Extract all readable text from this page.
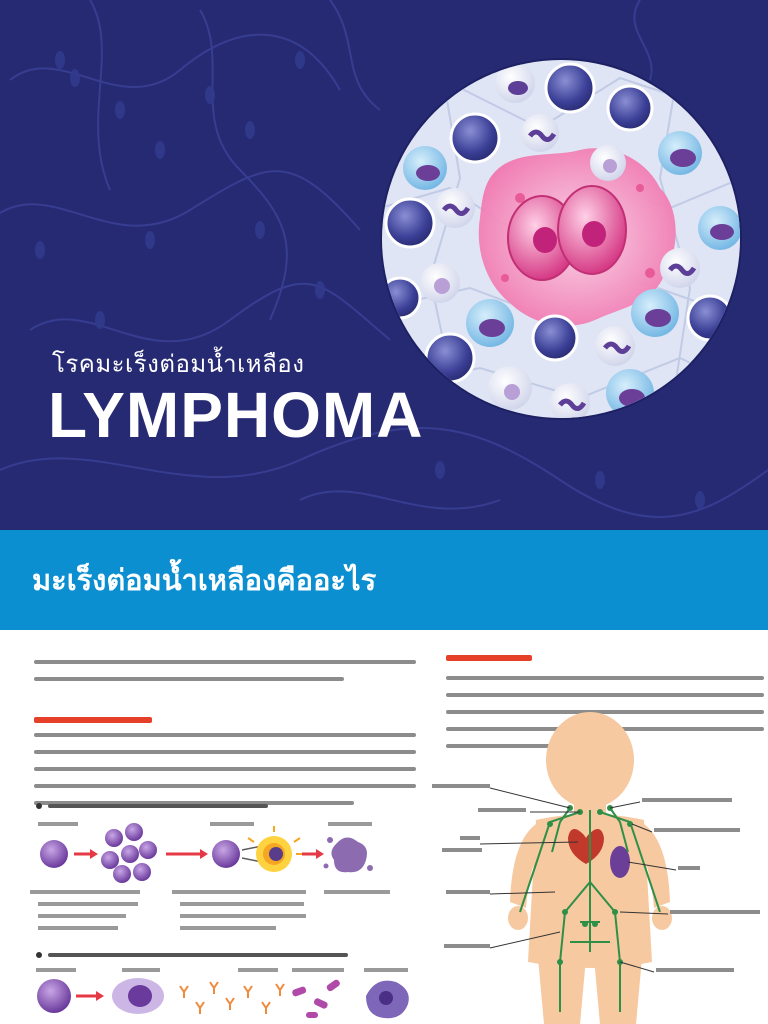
โรคมะเร็งต่อมน้ำเหลือง
LYMPHOMA
มะเร็งต่อมน้ำเหลืองคืออะไร
